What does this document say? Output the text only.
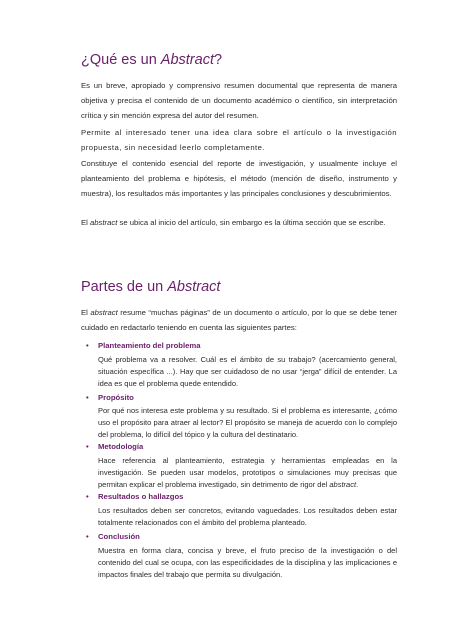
¿Qué es un Abstract?

Es un breve, apropiado y comprensivo resumen documental que representa de manera objetiva y precisa el contenido de un documento académico o científico, sin interpretación crítica y sin mención expresa del autor del resumen.

Permite al interesado tener una idea clara sobre el artículo o la investigación propuesta, sin necesidad leerlo completamente.

Constituye el contenido esencial del reporte de investigación, y usualmente incluye el planteamiento del problema e hipótesis, el método (mención de diseño, instrumento y muestra), los resultados más importantes y las principales conclusiones y descubrimientos.

El abstract se ubica al inicio del artículo, sin embargo es la última sección que se escribe.

Partes de un Abstract

El abstract resume “muchas páginas” de un documento o artículo, por lo que se debe tener cuidado en redactarlo teniendo en cuenta las siguientes partes:

• Planteamiento del problema

Qué problema va a resolver. Cuál es el ámbito de su trabajo? (acercamiento general, situación específica ...). Hay que ser cuidadoso de no usar “jerga” difícil de entender. La idea es que el problema quede entendido.

• Propósito

Por qué nos interesa este problema y su resultado. Si el problema es interesante, ¿cómo uso el propósito para atraer al lector? El propósito se maneja de acuerdo con lo complejo del problema, lo difícil del tópico y la cultura del destinatario.

• Metodología

Hace referencia al planteamiento, estrategia y herramientas empleadas en la investigación. Se pueden usar modelos, prototipos o simulaciones muy precisas que permitan explicar el problema investigado, sin detrimento de rigor del abstract.

• Resultados o hallazgos

Los resultados deben ser concretos, evitando vaguedades. Los resultados deben estar totalmente relacionados con el ámbito del problema planteado.

• Conclusión

Muestra en forma clara, concisa y breve, el fruto preciso de la investigación o del contenido del cual se ocupa, con las especificidades de la disciplina y las implicaciones e impactos finales del trabajo que permita su divulgación.
